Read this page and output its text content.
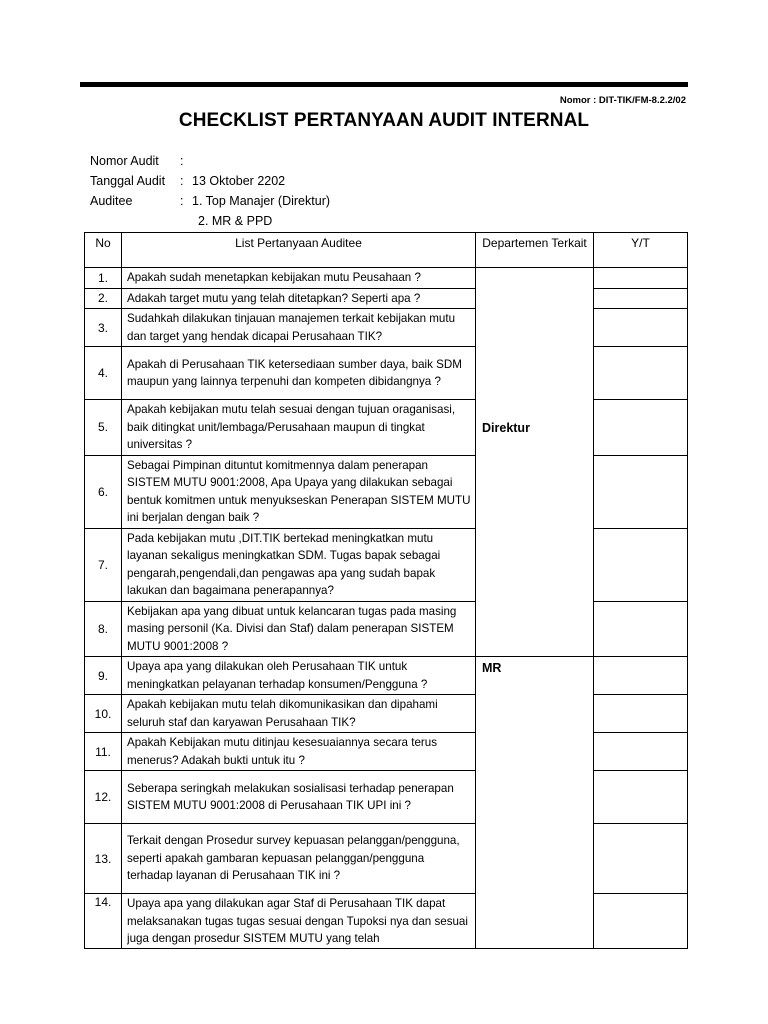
Nomor : DIT-TIK/FM-8.2.2/02
CHECKLIST PERTANYAAN AUDIT INTERNAL
Nomor Audit	:
Tanggal Audit	: 13 Oktober 2202
Auditee	: 1. Top Manajer (Direktur)
2. MR & PPD
No	List Pertanyaan Auditee	Departemen Terkait	Y/T
1.	Apakah sudah menetapkan kebijakan mutu Peusahaan ?	Direktur	

2.	Adakah target mutu yang telah ditetapkan? Seperti apa ?		
3.	Sudahkah dilakukan tinjauan manajemen terkait kebijakan mutu dan target yang hendak dicapai Perusahaan TIK?		
4.	Apakah di Perusahaan TIK ketersediaan sumber daya, baik SDM maupun yang lainnya terpenuhi dan kompeten dibidangnya ?		
5.	Apakah kebijakan mutu telah sesuai dengan tujuan oraganisasi, baik ditingkat unit/lembaga/Perusahaan maupun di tingkat universitas ?		
6.	Sebagai Pimpinan dituntut komitmennya dalam penerapan SISTEM MUTU 9001:2008, Apa Upaya yang dilakukan sebagai bentuk komitmen untuk menyukseskan Penerapan SISTEM MUTU ini berjalan dengan baik ?		
7.	Pada kebijakan mutu ,DIT.TIK bertekad meningkatkan mutu layanan sekaligus meningkatkan SDM. Tugas bapak sebagai pengarah,pengendali,dan pengawas apa yang sudah bapak lakukan dan bagaimana penerapannya?		
8.	Kebijakan apa yang dibuat untuk kelancaran tugas pada masing masing personil (Ka. Divisi dan Staf) dalam penerapan SISTEM MUTU 9001:2008 ?		
9.	Upaya apa yang dilakukan oleh Perusahaan TIK untuk meningkatkan pelayanan terhadap konsumen/Pengguna ?	MR	

10.	Apakah kebijakan mutu telah dikomunikasikan dan dipahami seluruh staf dan karyawan Perusahaan TIK?		
11.	Apakah Kebijakan mutu ditinjau kesesuaiannya secara terus menerus? Adakah bukti untuk itu ?		
12.	Seberapa seringkah melakukan sosialisasi terhadap penerapan SISTEM MUTU 9001:2008 di Perusahaan TIK UPI ini ?		
13.	Terkait dengan Prosedur survey kepuasan pelanggan/pengguna, seperti apakah gambaran kepuasan pelanggan/pengguna terhadap layanan di Perusahaan TIK ini ?		
14.	Upaya apa yang dilakukan agar Staf di Perusahaan TIK dapat melaksanakan tugas tugas sesuai dengan Tupoksi nya dan sesuai juga dengan prosedur SISTEM MUTU yang telah		
